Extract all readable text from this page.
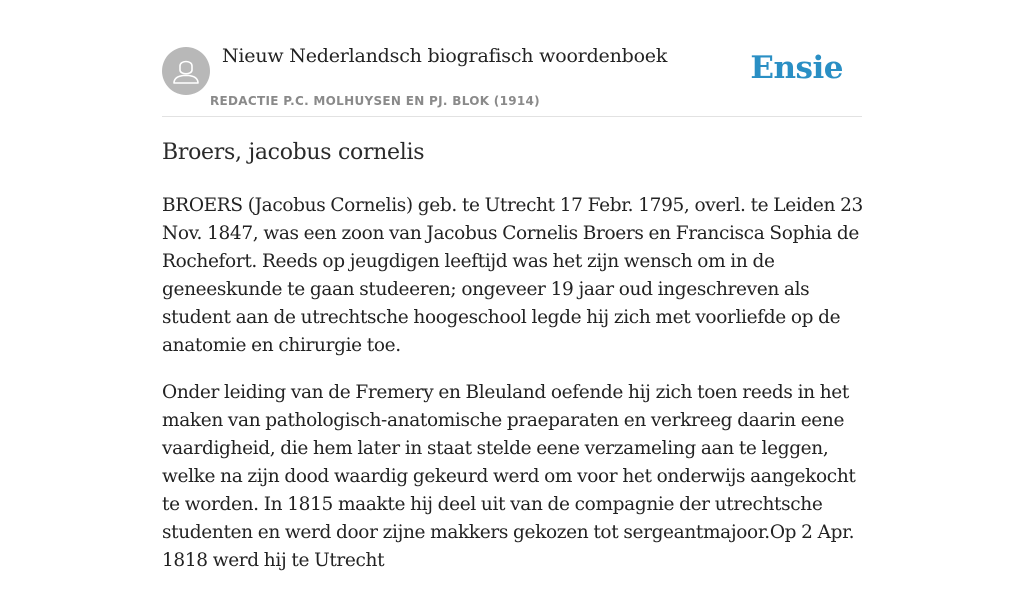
Nieuw Nederlandsch biografisch woordenboek
REDACTIE P.C. MOLHUYSEN EN PJ. BLOK (1914)
Ensie
Broers, jacobus cornelis

BROERS (Jacobus Cornelis) geb. te Utrecht 17 Febr. 1795, overl. te Leiden 23 Nov. 1847, was een zoon van Jacobus Cornelis Broers en Francisca Sophia de Rochefort. Reeds op jeugdigen leeftijd was het zijn wensch om in de geneeskunde te gaan studeeren; ongeveer 19 jaar oud ingeschreven als student aan de utrechtsche hoogeschool legde hij zich met voorliefde op de anatomie en chirurgie toe.

Onder leiding van de Fremery en Bleuland oefende hij zich toen reeds in het maken van pathologisch-anatomische praeparaten en verkreeg daarin eene vaardigheid, die hem later in staat stelde eene verzameling aan te leggen, welke na zijn dood waardig gekeurd werd om voor het onderwijs aangekocht te worden. In 1815 maakte hij deel uit van de compagnie der utrechtsche studenten en werd door zijne makkers gekozen tot sergeantmajoor.Op 2 Apr. 1818 werd hij te Utrecht
